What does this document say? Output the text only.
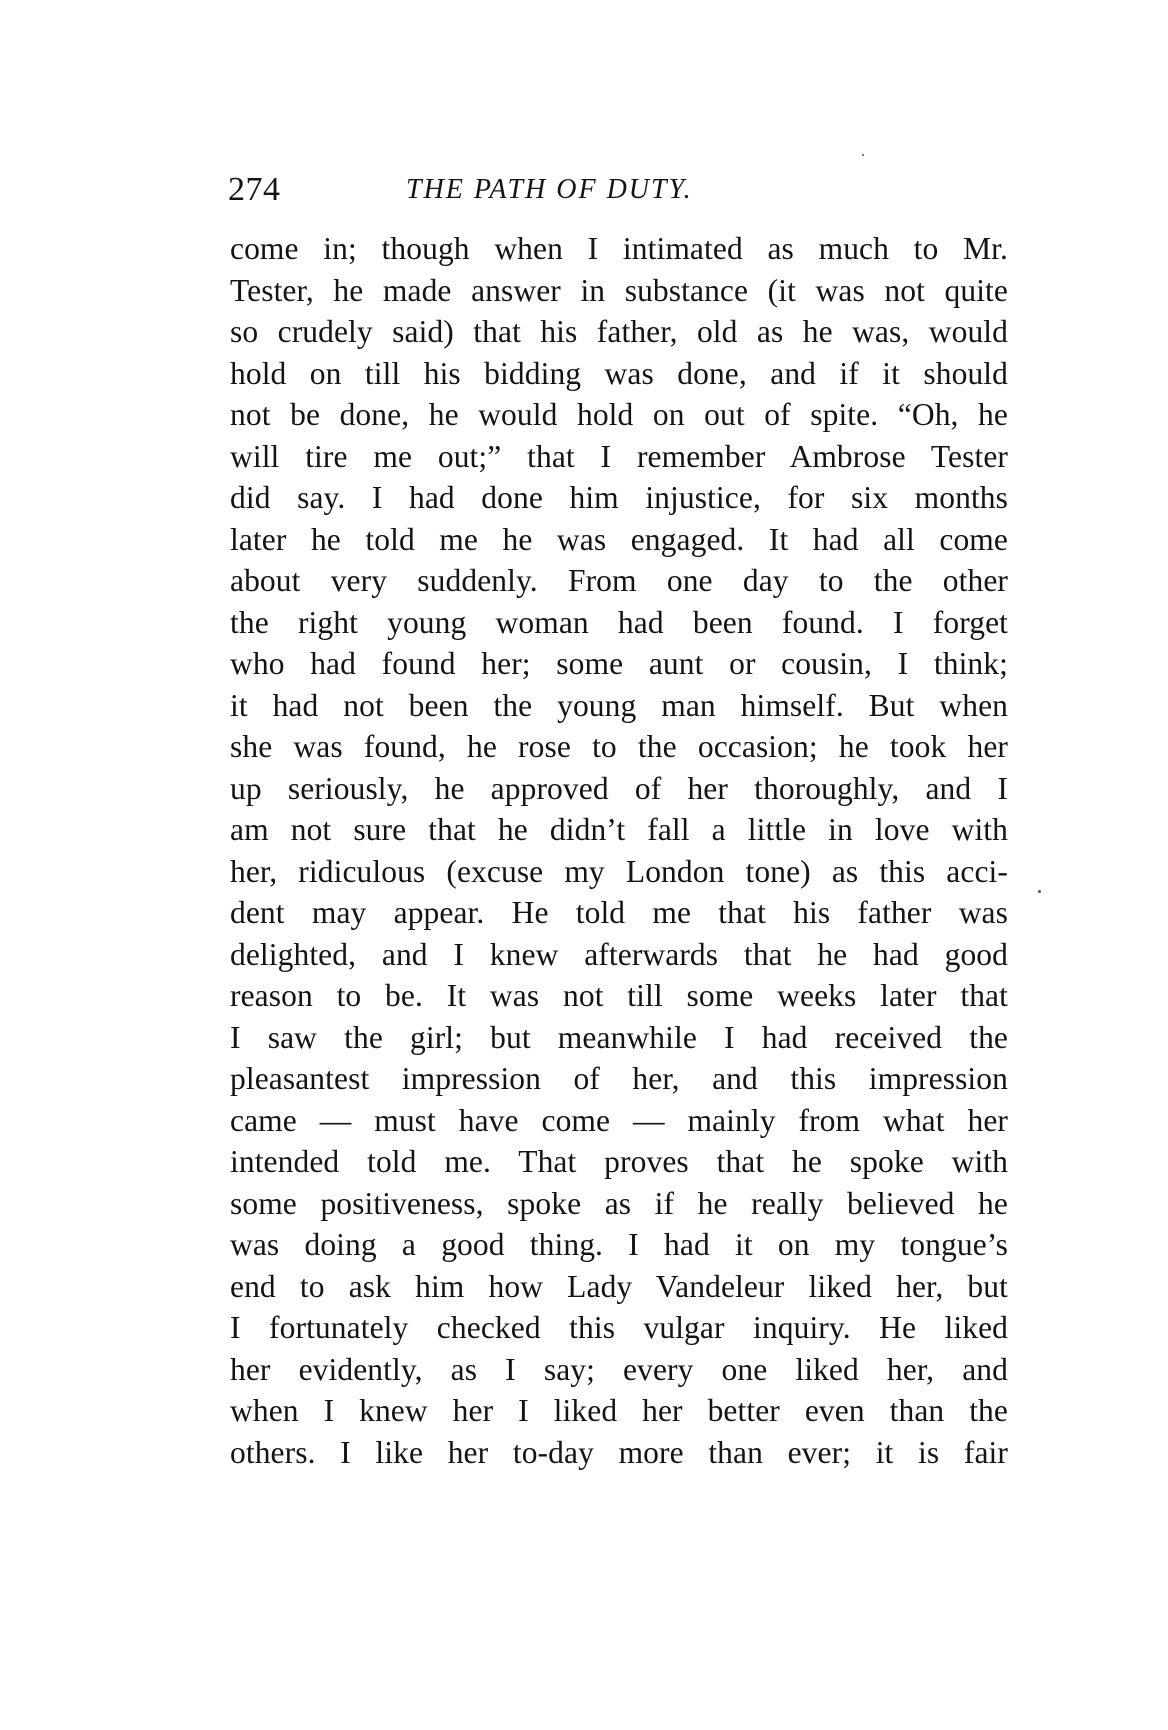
274	THE PATH OF DUTY.
come in; though when I intimated as much to Mr.
Tester, he made answer in substance (it was not quite
so crudely said) that his father, old as he was, would
hold on till his bidding was done, and if it should
not be done, he would hold on out of spite. “Oh, he
will tire me out;” that I remember Ambrose Tester
did say. I had done him injustice, for six months
later he told me he was engaged. It had all come
about very suddenly. From one day to the other
the right young woman had been found. I forget
who had found her; some aunt or cousin, I think;
it had not been the young man himself. But when
she was found, he rose to the occasion; he took her
up seriously, he approved of her thoroughly, and I
am not sure that he didn’t fall a little in love with
her, ridiculous (excuse my London tone) as this acci-
dent may appear. He told me that his father was
delighted, and I knew afterwards that he had good
reason to be. It was not till some weeks later that
I saw the girl; but meanwhile I had received the
pleasantest impression of her, and this impression
came — must have come — mainly from what her
intended told me. That proves that he spoke with
some positiveness, spoke as if he really believed he
was doing a good thing. I had it on my tongue’s
end to ask him how Lady Vandeleur liked her, but
I fortunately checked this vulgar inquiry. He liked
her evidently, as I say; every one liked her, and
when I knew her I liked her better even than the
others. I like her to-day more than ever; it is fair
